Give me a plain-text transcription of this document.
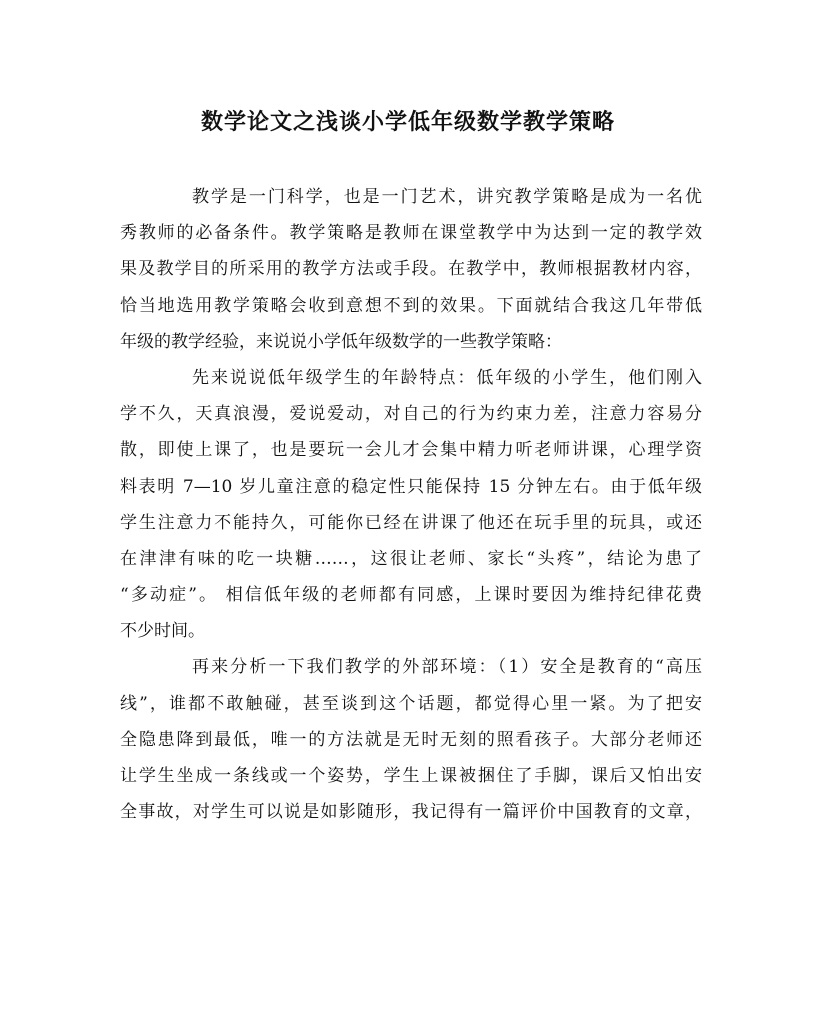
数学论文之浅谈小学低年级数学教学策略
教学是一门科学，也是一门艺术，讲究教学策略是成为一名优
秀教师的必备条件。教学策略是教师在课堂教学中为达到一定的教学效
果及教学目的所采用的教学方法或手段。在教学中，教师根据教材内容，
恰当地选用教学策略会收到意想不到的效果。下面就结合我这几年带低
年级的教学经验，来说说小学低年级数学的一些教学策略：
先来说说低年级学生的年龄特点：低年级的小学生，他们刚入
学不久，天真浪漫，爱说爱动，对自己的行为约束力差，注意力容易分
散，即使上课了，也是要玩一会儿才会集中精力听老师讲课，心理学资
料表明 7—10 岁儿童注意的稳定性只能保持 15 分钟左右。由于低年级
学生注意力不能持久，可能你已经在讲课了他还在玩手里的玩具，或还
在津津有味的吃一块糖……，这很让老师、家长“头疼”，结论为患了
“多动症”。 相信低年级的老师都有同感，上课时要因为维持纪律花费
不少时间。
再来分析一下我们教学的外部环境：（1）安全是教育的“高压
线”，谁都不敢触碰，甚至谈到这个话题，都觉得心里一紧。为了把安
全隐患降到最低，唯一的方法就是无时无刻的照看孩子。大部分老师还
让学生坐成一条线或一个姿势，学生上课被捆住了手脚，课后又怕出安
全事故，对学生可以说是如影随形，我记得有一篇评价中国教育的文章，
